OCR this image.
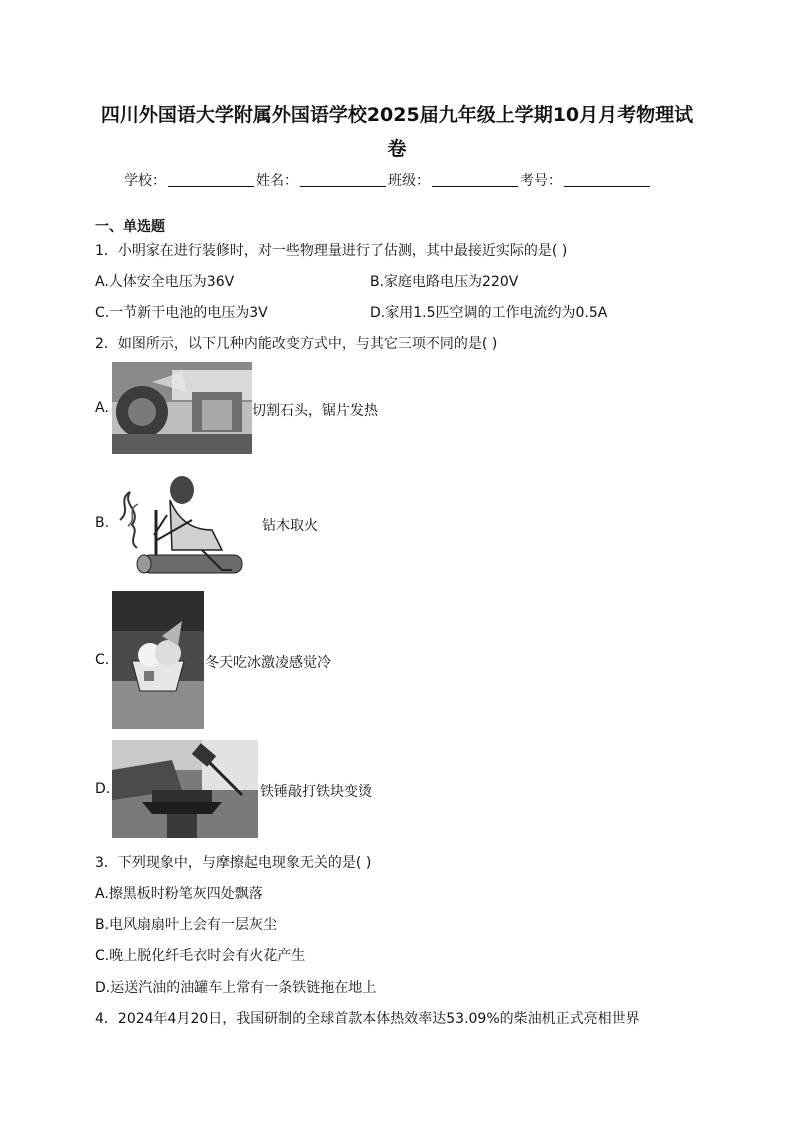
四川外国语大学附属外国语学校2025届九年级上学期10月月考物理试
卷
学校：	姓名：	班级：	考号：
一、单选题
1．小明家在进行装修时，对一些物理量进行了估测，其中最接近实际的是( )
A.人体安全电压为36V	B.家庭电路电压为220V
C.一节新干电池的电压为3V	D.家用1.5匹空调的工作电流约为0.5A
2．如图所示，以下几种内能改变方式中，与其它三项不同的是( )
A.	切割石头，锯片发热
B.	钻木取火
C.	冬天吃冰激凌感觉冷
D.	铁锤敲打铁块变烫
3．下列现象中，与摩擦起电现象无关的是( )
A.擦黑板时粉笔灰四处飘落
B.电风扇扇叶上会有一层灰尘
C.晚上脱化纤毛衣时会有火花产生
D.运送汽油的油罐车上常有一条铁链拖在地上
4．2024年4月20日，我国研制的全球首款本体热效率达53.09%的柴油机正式亮相世界
